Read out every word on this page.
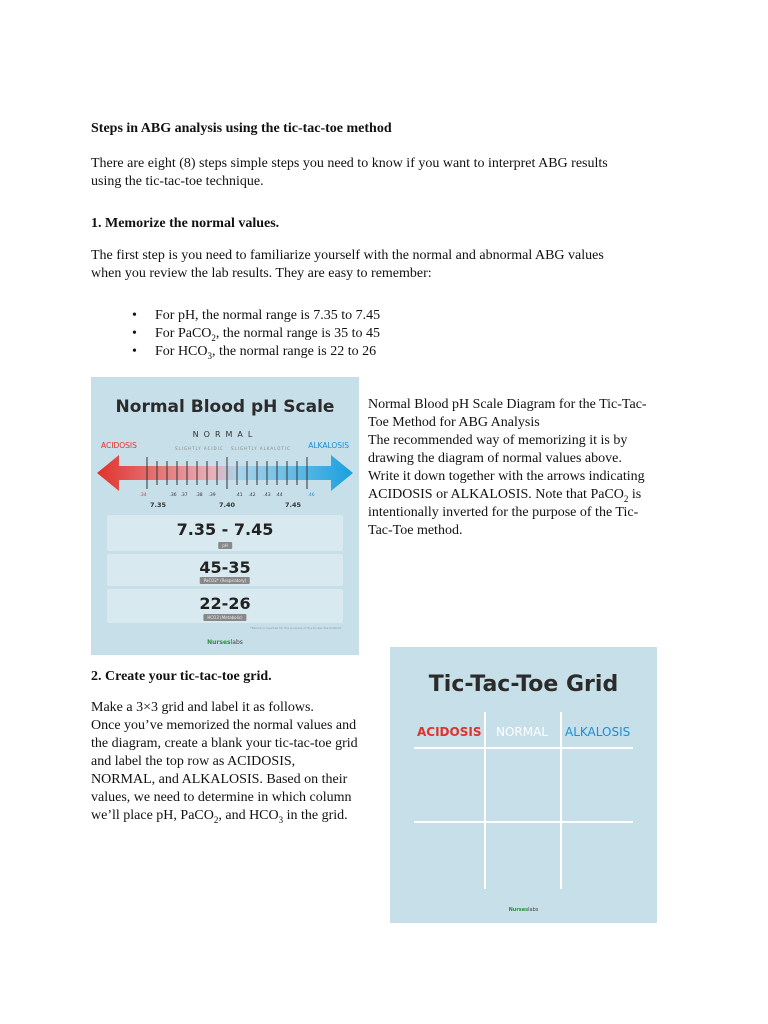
Steps in ABG analysis using the tic-tac-toe method
There are eight (8) steps simple steps you need to know if you want to interpret ABG results
using the tic-tac-toe technique.
1. Memorize the normal values.
The first step is you need to familiarize yourself with the normal and abnormal ABG values
when you review the lab results. They are easy to remember:
• For pH, the normal range is 7.35 to 7.45
• For PaCO$_2$, the normal range is 35 to 45
• For $HCO_3$, the normal range is 22 to 26
Normal Blood pH Scale
NORMAL
ACIDOSIS	ALKALOSIS
SLIGHTLY ACIDIC SLIGHTLY ALKALOTIC
.34	.36 .37 .38 .39	.41 .42 .43 .44	.46
7.35	7.40	7.45
7.35 - 7.45
pH
45-35
PaCO2* (Respiratory)
22-26
HCO3 (Metabolic)
*PaCO2 is inverted for the purpose of the tic-tac-toe method
Nurseslabs
Normal Blood pH Scale Diagram for the Tic-Tac-
Toe Method for ABG Analysis
The recommended way of memorizing it is by
drawing the diagram of normal values above.
Write it down together with the arrows indicating
ACIDOSIS or ALKALOSIS. Note that PaCO$_2$ is
intentionally inverted for the purpose of the Tic-
Tac-Toe method.
2. Create your tic-tac-toe grid.
Make a 3×3 grid and label it as follows.
Once you’ve memorized the normal values and
the diagram, create a blank your tic-tac-toe grid
and label the top row as ACIDOSIS,
NORMAL, and ALKALOSIS. Based on their
values, we need to determine in which column
we’ll place pH, PaCO$_2$, and $HCO_3$ in the grid.
Tic-Tac-Toe Grid
ACIDOSIS NORMAL ALKALOSIS
Nurseslabs
